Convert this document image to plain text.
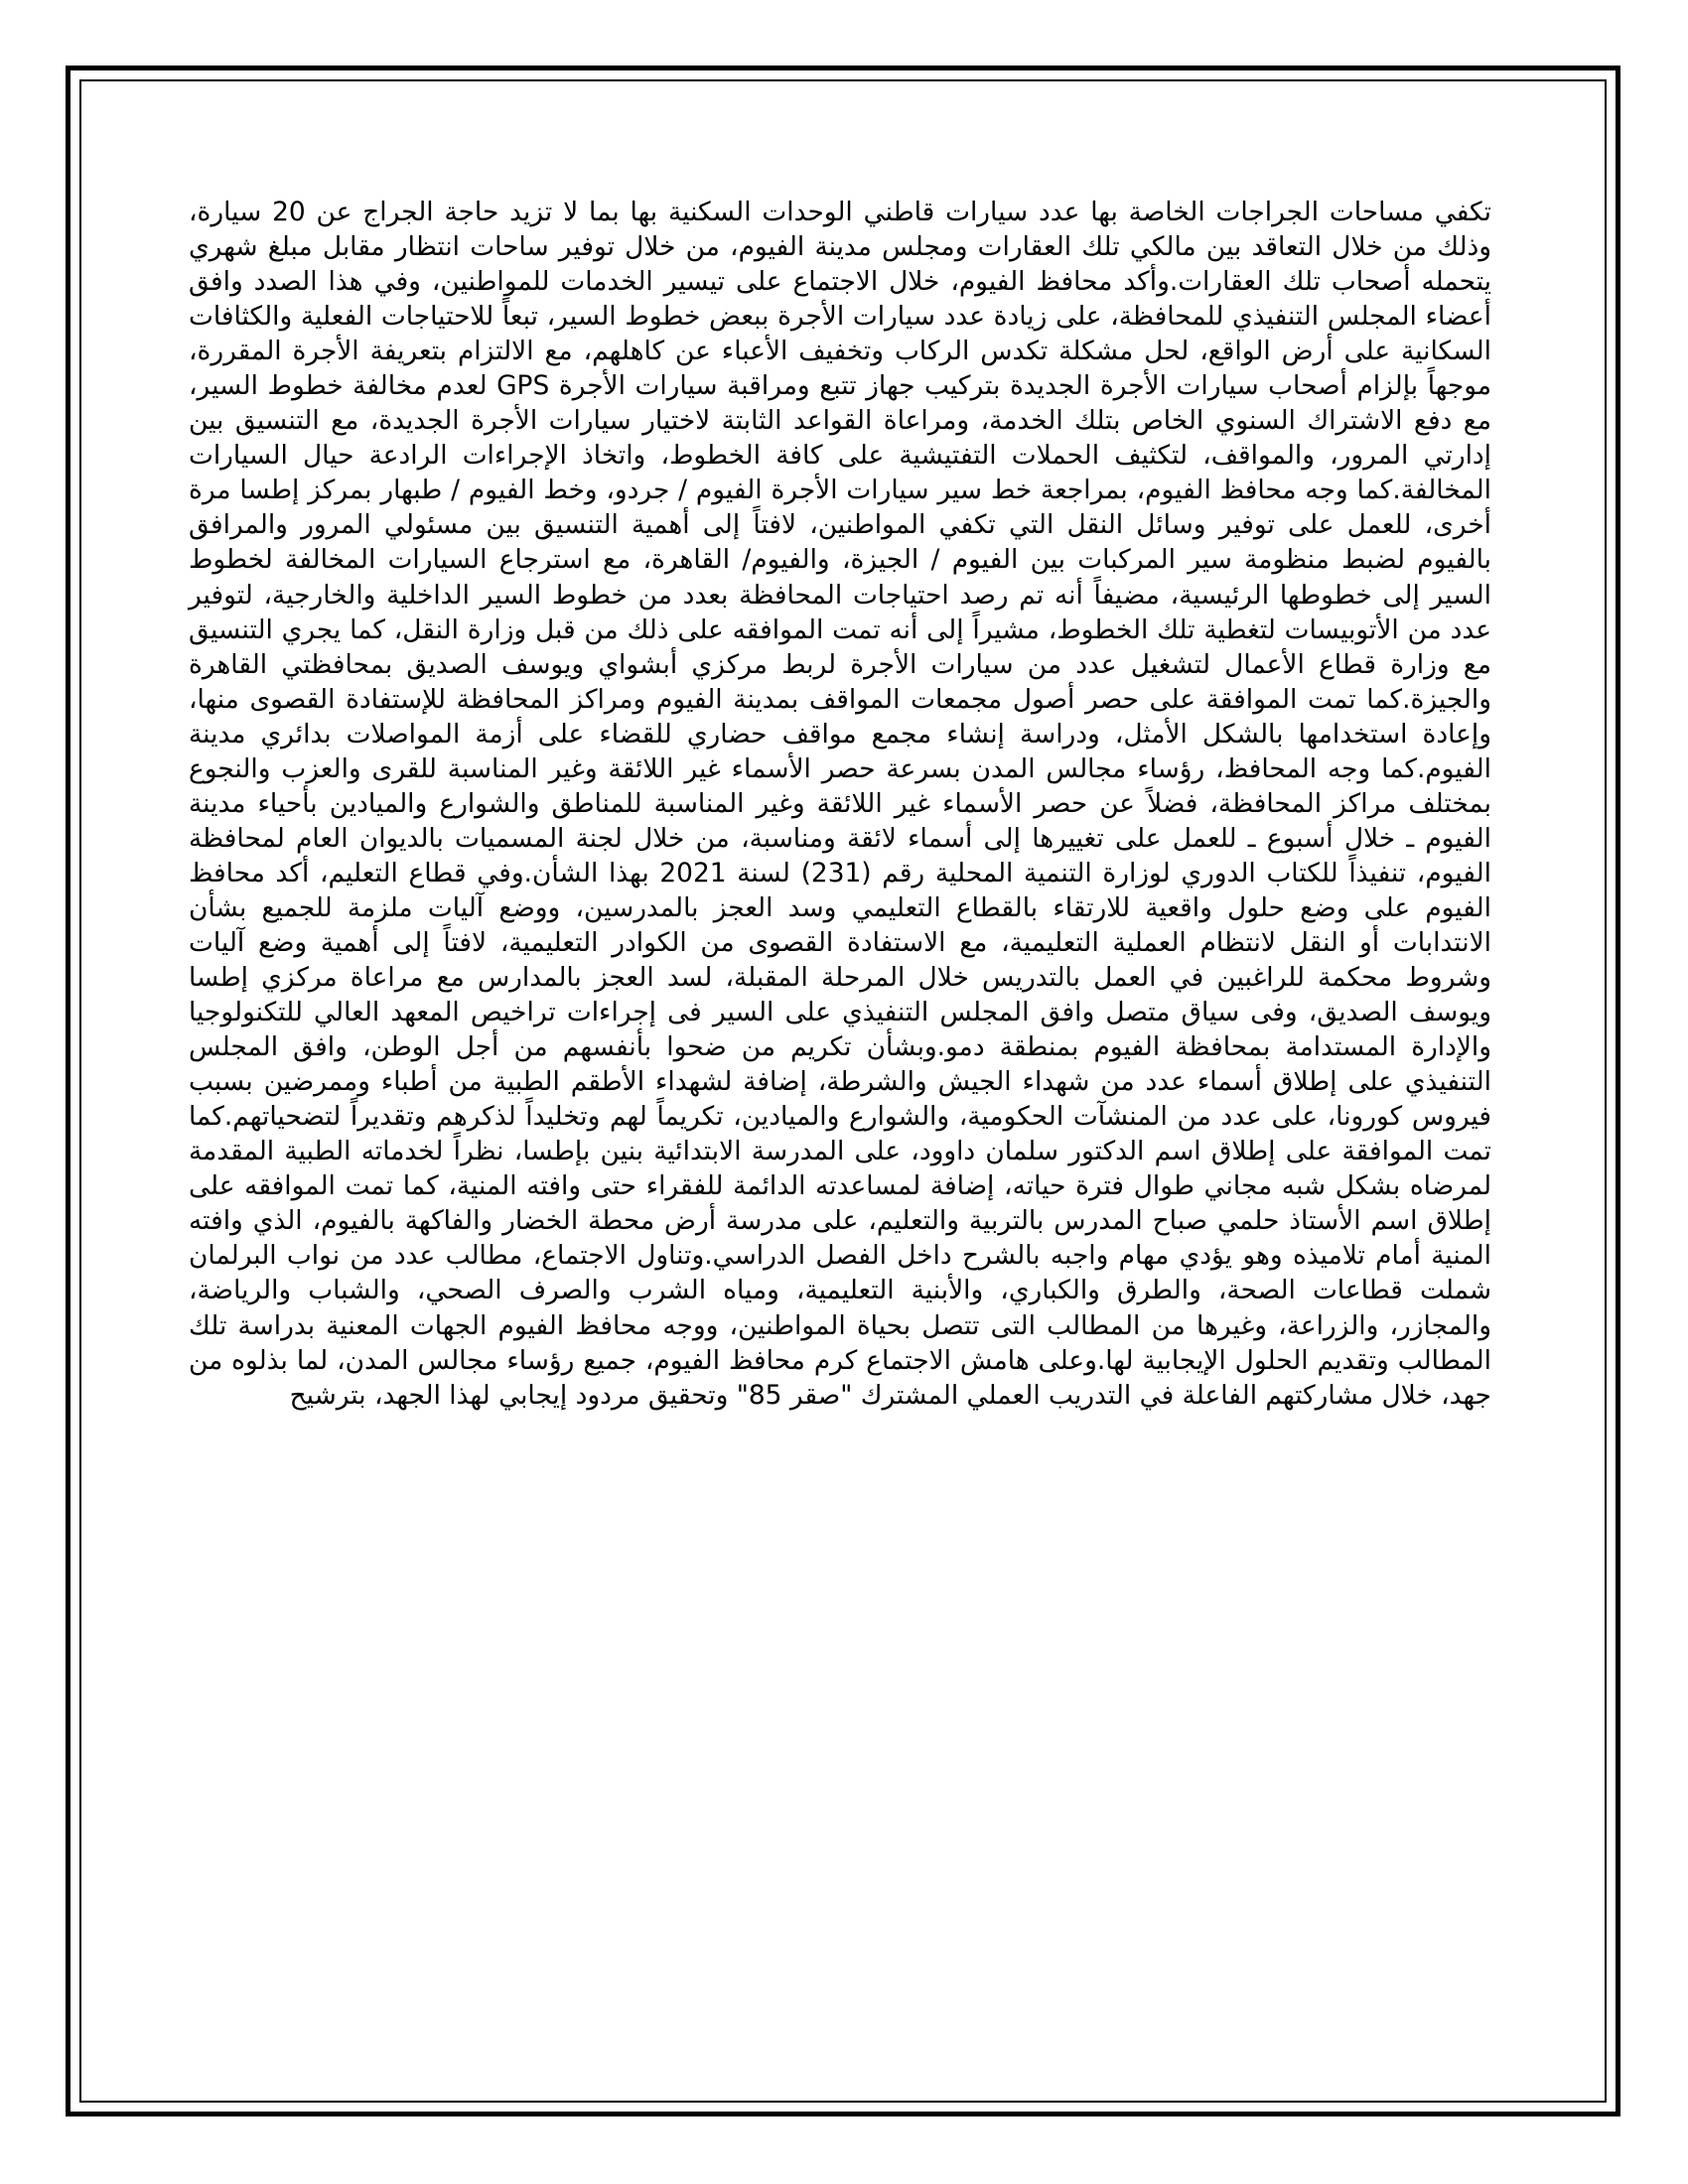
تكفي مساحات الجراجات الخاصة بها عدد سيارات قاطني الوحدات السكنية بها بما لا تزيد حاجة الجراج عن 20 سيارة، وذلك من خلال التعاقد بين مالكي تلك العقارات ومجلس مدينة الفيوم، من خلال توفير ساحات انتظار مقابل مبلغ شهري يتحمله أصحاب تلك العقارات.وأكد محافظ الفيوم، خلال الاجتماع على تيسير الخدمات للمواطنين، وفي هذا الصدد وافق أعضاء المجلس التنفيذي للمحافظة، على زيادة عدد سيارات الأجرة ببعض خطوط السير، تبعاً للاحتياجات الفعلية والكثافات السكانية على أرض الواقع، لحل مشكلة تكدس الركاب وتخفيف الأعباء عن كاهلهم، مع الالتزام بتعريفة الأجرة المقررة، موجهاً بإلزام أصحاب سيارات الأجرة الجديدة بتركيب جهاز تتبع ومراقبة سيارات الأجرة GPS لعدم مخالفة خطوط السير، مع دفع الاشتراك السنوي الخاص بتلك الخدمة، ومراعاة القواعد الثابتة لاختيار سيارات الأجرة الجديدة، مع التنسيق بين إدارتي المرور، والمواقف، لتكثيف الحملات التفتيشية على كافة الخطوط، واتخاذ الإجراءات الرادعة حيال السيارات المخالفة.كما وجه محافظ الفيوم، بمراجعة خط سير سيارات الأجرة الفيوم / جردو، وخط الفيوم / طبهار بمركز إطسا مرة أخرى، للعمل على توفير وسائل النقل التي تكفي المواطنين، لافتاً إلى أهمية التنسيق بين مسئولي المرور والمرافق بالفيوم لضبط منظومة سير المركبات بين الفيوم / الجيزة، والفيوم/ القاهرة، مع استرجاع السيارات المخالفة لخطوط السير إلى خطوطها الرئيسية، مضيفاً أنه تم رصد احتياجات المحافظة بعدد من خطوط السير الداخلية والخارجية، لتوفير عدد من الأتوبيسات لتغطية تلك الخطوط، مشيراً إلى أنه تمت الموافقه على ذلك من قبل وزارة النقل، كما يجري التنسيق مع وزارة قطاع الأعمال لتشغيل عدد من سيارات الأجرة لربط مركزي أبشواي ويوسف الصديق بمحافظتي القاهرة والجيزة.كما تمت الموافقة على حصر أصول مجمعات المواقف بمدينة الفيوم ومراكز المحافظة للإستفادة القصوى منها، وإعادة استخدامها بالشكل الأمثل، ودراسة إنشاء مجمع مواقف حضاري للقضاء على أزمة المواصلات بدائري مدينة الفيوم.كما وجه المحافظ، رؤساء مجالس المدن بسرعة حصر الأسماء غير اللائقة وغير المناسبة للقرى والعزب والنجوع بمختلف مراكز المحافظة، فضلاً عن حصر الأسماء غير اللائقة وغير المناسبة للمناطق والشوارع والميادين بأحياء مدينة الفيوم ـ خلال أسبوع ـ للعمل على تغييرها إلى أسماء لائقة ومناسبة، من خلال لجنة المسميات بالديوان العام لمحافظة الفيوم، تنفيذاً للكتاب الدوري لوزارة التنمية المحلية رقم (231) لسنة 2021 بهذا الشأن.وفي قطاع التعليم، أكد محافظ الفيوم على وضع حلول واقعية للارتقاء بالقطاع التعليمي وسد العجز بالمدرسين، ووضع آليات ملزمة للجميع بشأن الانتدابات أو النقل لانتظام العملية التعليمية، مع الاستفادة القصوى من الكوادر التعليمية، لافتاً إلى أهمية وضع آليات وشروط محكمة للراغبين في العمل بالتدريس خلال المرحلة المقبلة، لسد العجز بالمدارس مع مراعاة مركزي إطسا ويوسف الصديق، وفى سياق متصل وافق المجلس التنفيذي على السير فى إجراءات تراخيص المعهد العالي للتكنولوجيا والإدارة المستدامة بمحافظة الفيوم بمنطقة دمو.وبشأن تكريم من ضحوا بأنفسهم من أجل الوطن، وافق المجلس التنفيذي على إطلاق أسماء عدد من شهداء الجيش والشرطة، إضافة لشهداء الأطقم الطبية من أطباء وممرضين بسبب فيروس كورونا، على عدد من المنشآت الحكومية، والشوارع والميادين، تكريماً لهم وتخليداً لذكرهم وتقديراً لتضحياتهم.كما تمت الموافقة على إطلاق اسم الدكتور سلمان داوود، على المدرسة الابتدائية بنين بإطسا، نظراً لخدماته الطبية المقدمة لمرضاه بشكل شبه مجاني طوال فترة حياته، إضافة لمساعدته الدائمة للفقراء حتى وافته المنية، كما تمت الموافقه على إطلاق اسم الأستاذ حلمي صباح المدرس بالتربية والتعليم، على مدرسة أرض محطة الخضار والفاكهة بالفيوم، الذي وافته المنية أمام تلاميذه وهو يؤدي مهام واجبه بالشرح داخل الفصل الدراسي.وتناول الاجتماع، مطالب عدد من نواب البرلمان شملت قطاعات الصحة، والطرق والكباري، والأبنية التعليمية، ومياه الشرب والصرف الصحي، والشباب والرياضة، والمجازر، والزراعة، وغيرها من المطالب التى تتصل بحياة المواطنين، ووجه محافظ الفيوم الجهات المعنية بدراسة تلك المطالب وتقديم الحلول الإيجابية لها.وعلى هامش الاجتماع كرم محافظ الفيوم، جميع رؤساء مجالس المدن، لما بذلوه من جهد، خلال مشاركتهم الفاعلة في التدريب العملي المشترك "صقر 85" وتحقيق مردود إيجابي لهذا الجهد، بترشيح
